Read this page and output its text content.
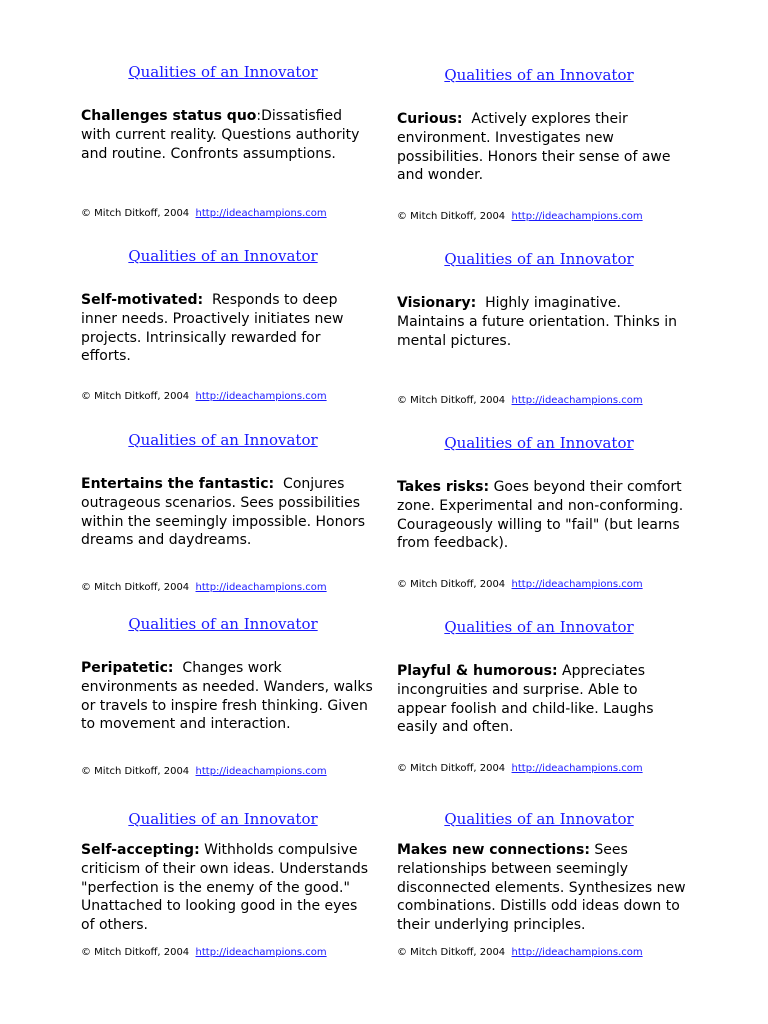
Qualities of an Innovator
Challenges status quo:Dissatisfied with current reality. Questions authority and routine. Confronts assumptions.
© Mitch Ditkoff, 2004 http://ideachampions.com
Qualities of an Innovator
Self-motivated: Responds to deep inner needs. Proactively initiates new projects. Intrinsically rewarded for efforts.
© Mitch Ditkoff, 2004 http://ideachampions.com
Qualities of an Innovator
Entertains the fantastic: Conjures outrageous scenarios. Sees possibilities within the seemingly impossible. Honors dreams and daydreams.
© Mitch Ditkoff, 2004 http://ideachampions.com
Qualities of an Innovator
Peripatetic: Changes work environments as needed. Wanders, walks or travels to inspire fresh thinking. Given to movement and interaction.
© Mitch Ditkoff, 2004 http://ideachampions.com
Qualities of an Innovator
Self-accepting: Withholds compulsive criticism of their own ideas. Understands "perfection is the enemy of the good." Unattached to looking good in the eyes of others.
© Mitch Ditkoff, 2004 http://ideachampions.com
Qualities of an Innovator
Curious: Actively explores their environment. Investigates new possibilities. Honors their sense of awe and wonder.
© Mitch Ditkoff, 2004 http://ideachampions.com
Qualities of an Innovator
Visionary: Highly imaginative. Maintains a future orientation. Thinks in mental pictures.
© Mitch Ditkoff, 2004 http://ideachampions.com
Qualities of an Innovator
Takes risks: Goes beyond their comfort zone. Experimental and non-conforming. Courageously willing to "fail" (but learns from feedback).
© Mitch Ditkoff, 2004 http://ideachampions.com
Qualities of an Innovator
Playful & humorous: Appreciates incongruities and surprise. Able to appear foolish and child-like. Laughs easily and often.
© Mitch Ditkoff, 2004 http://ideachampions.com
Qualities of an Innovator
Makes new connections: Sees relationships between seemingly disconnected elements. Synthesizes new combinations. Distills odd ideas down to their underlying principles.
© Mitch Ditkoff, 2004 http://ideachampions.com
